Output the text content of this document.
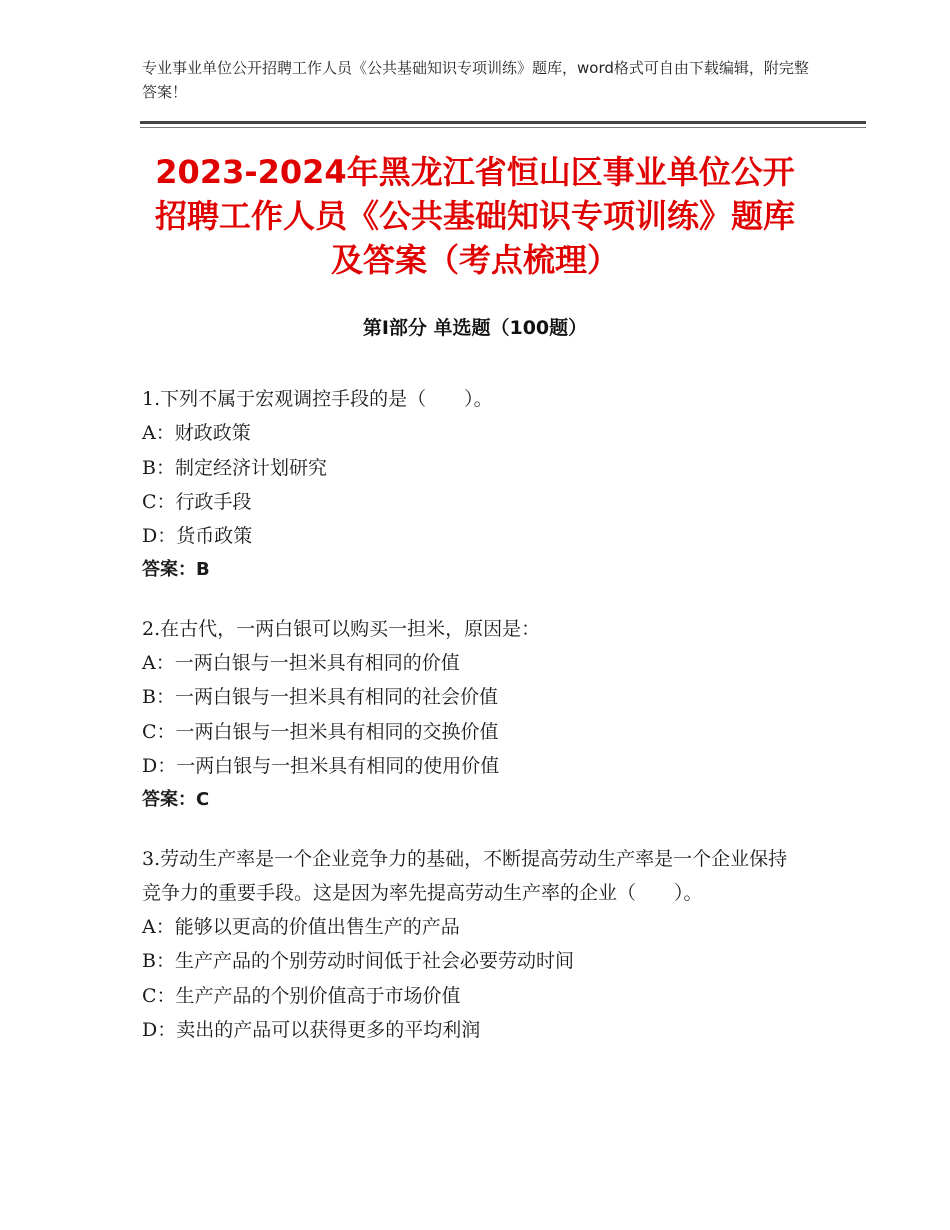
专业事业单位公开招聘工作人员《公共基础知识专项训练》题库，word格式可自由下载编辑，附完整答案！
2023-2024年黑龙江省恒山区事业单位公开招聘工作人员《公共基础知识专项训练》题库及答案（考点梳理）
第Ⅰ部分 单选题（100题）
1.下列不属于宏观调控手段的是（　　）。
A：财政政策
B：制定经济计划研究
C：行政手段
D：货币政策
答案：B
2.在古代，一两白银可以购买一担米，原因是：
A：一两白银与一担米具有相同的价值
B：一两白银与一担米具有相同的社会价值
C：一两白银与一担米具有相同的交换价值
D：一两白银与一担米具有相同的使用价值
答案：C
3.劳动生产率是一个企业竞争力的基础，不断提高劳动生产率是一个企业保持竞争力的重要手段。这是因为率先提高劳动生产率的企业（　　）。
A：能够以更高的价值出售生产的产品
B：生产产品的个别劳动时间低于社会必要劳动时间
C：生产产品的个别价值高于市场价值
D：卖出的产品可以获得更多的平均利润
